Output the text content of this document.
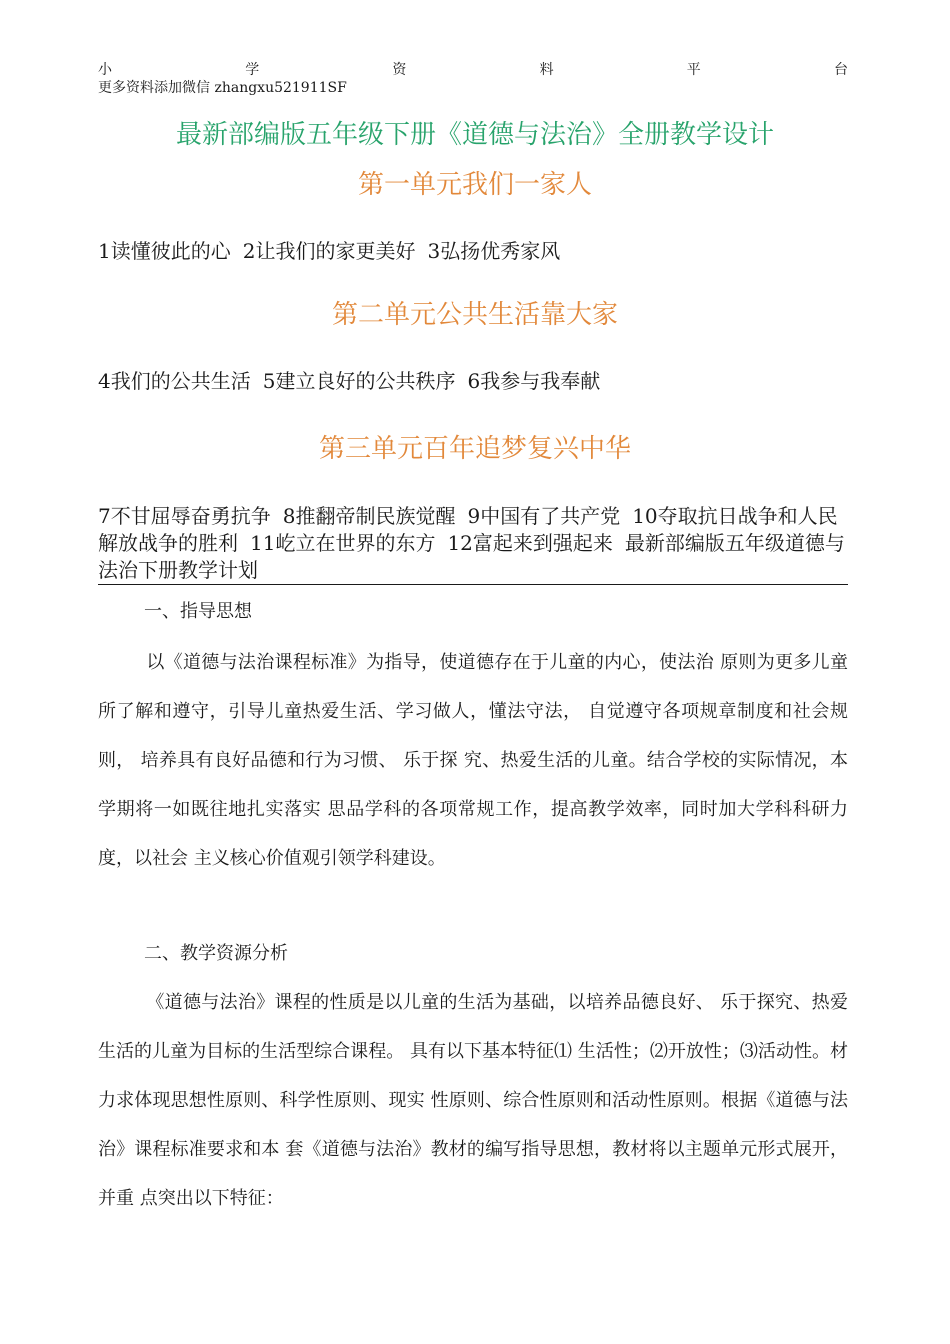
小	学	资	料	平	台
更多资料添加微信 zhangxu521911SF
最新部编版五年级下册《道德与法治》全册教学设计
第一单元我们一家人
1读懂彼此的心 2让我们的家更美好 3弘扬优秀家风
第二单元公共生活靠大家
4我们的公共生活 5建立良好的公共秩序 6我参与我奉献
第三单元百年追梦复兴中华
7不甘屈辱奋勇抗争 8推翻帝制民族觉醒 9中国有了共产党 10夺取抗日战争和人民解放战争的胜利 11屹立在世界的东方 12富起来到强起来 最新部编版五年级道德与法治下册教学计划
一、指导思想
以《道德与法治课程标准》为指导，使道德存在于儿童的内心，使法治 原则为更多儿童所了解和遵守，引导儿童热爱生活、学习做人，懂法守法， 自觉遵守各项规章制度和社会规则， 培养具有良好品德和行为习惯、 乐于探 究、热爱生活的儿童。结合学校的实际情况，本学期将一如既往地扎实落实 思品学科的各项常规工作，提高教学效率，同时加大学科科研力度，以社会 主义核心价值观引领学科建设。
二、教学资源分析
《道德与法治》课程的性质是以儿童的生活为基础，以培养品德良好、 乐于探究、热爱生活的儿童为目标的生活型综合课程。 具有以下基本特征⑴ 生活性；⑵开放性；⑶活动性。材力求体现思想性原则、科学性原则、现实 性原则、综合性原则和活动性原则。根据《道德与法治》课程标准要求和本 套《道德与法治》教材的编写指导思想，教材将以主题单元形式展开，并重 点突出以下特征：
